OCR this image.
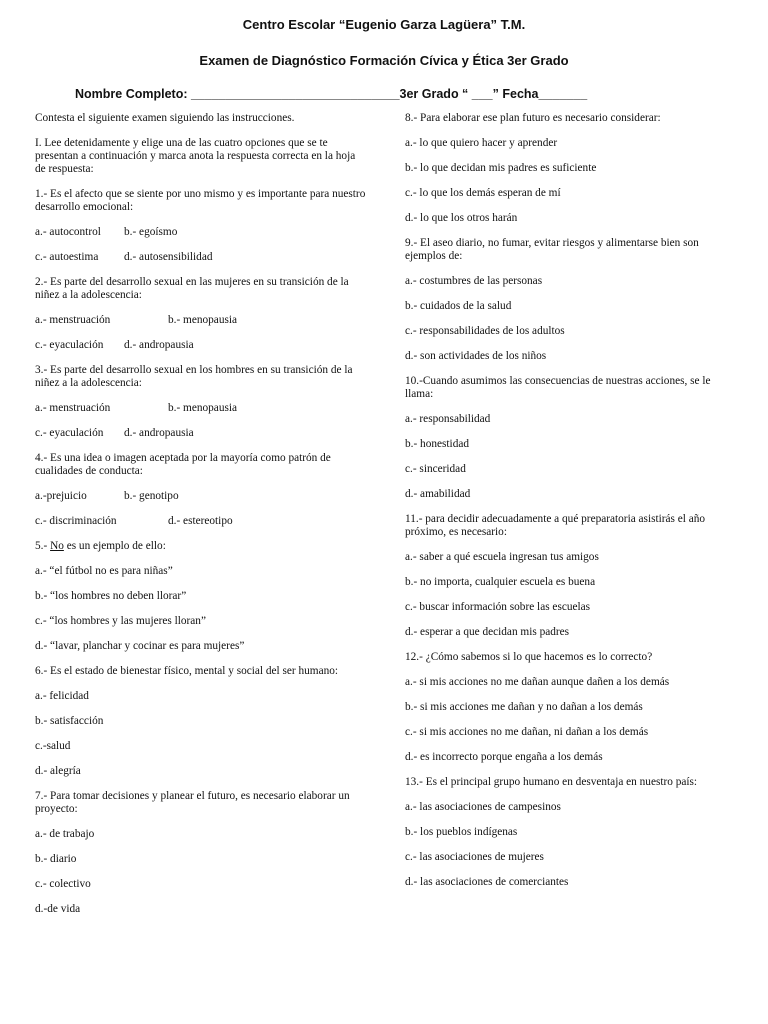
Centro Escolar “Eugenio Garza Lagüera” T.M.

Examen de Diagnóstico Formación Cívica y Ética 3er Grado

Nombre Completo: ______________________________3er Grado “ ___” Fecha_______

Contesta el siguiente examen siguiendo las instrucciones.

I. Lee detenidamente y elige una de las cuatro opciones que se te presentan a continuación y marca anota la respuesta correcta en la hoja de respuesta:

1.- Es el afecto que se siente por uno mismo y es importante para nuestro desarrollo emocional:

a.- autocontrol b.- egoísmo

c.- autoestima d.- autosensibilidad

2.- Es parte del desarrollo sexual en las mujeres en su transición de la niñez a la adolescencia:

a.- menstruación	b.- menopausia

c.- eyaculación d.- andropausia

3.- Es parte del desarrollo sexual en los hombres en su transición de la niñez a la adolescencia:

a.- menstruación	b.- menopausia

c.- eyaculación d.- andropausia

4.- Es una idea o imagen aceptada por la mayoría como patrón de cualidades de conducta:

a.-prejuicio	b.- genotipo

c.- discriminación	d.- estereotipo

5.- No es un ejemplo de ello:

a.- “el fútbol no es para niñas”

b.- “los hombres no deben llorar”

c.- “los hombres y las mujeres lloran”

d.- “lavar, planchar y cocinar es para mujeres”

6.- Es el estado de bienestar físico, mental y social del ser humano:

a.- felicidad

b.- satisfacción

c.-salud

d.- alegría

7.- Para tomar decisiones y planear el futuro, es necesario elaborar un proyecto:

a.- de trabajo

b.- diario

c.- colectivo

d.-de vida

8.- Para elaborar ese plan futuro es necesario considerar:

a.- lo que quiero hacer y aprender

b.- lo que decidan mis padres es suficiente

c.- lo que los demás esperan de mí

d.- lo que los otros harán

9.- El aseo diario, no fumar, evitar riesgos y alimentarse bien son ejemplos de:

a.- costumbres de las personas

b.- cuidados de la salud

c.- responsabilidades de los adultos

d.- son actividades de los niños

10.-Cuando asumimos las consecuencias de nuestras acciones, se le llama:

a.- responsabilidad

b.- honestidad

c.- sinceridad

d.- amabilidad

11.- para decidir adecuadamente a qué preparatoria asistirás el año próximo, es necesario:

a.- saber a qué escuela ingresan tus amigos

b.- no importa, cualquier escuela es buena

c.- buscar información sobre las escuelas

d.- esperar a que decidan mis padres

12.- ¿Cómo sabemos si lo que hacemos es lo correcto?

a.- si mis acciones no me dañan aunque dañen a los demás

b.- si mis acciones me dañan y no dañan a los demás

c.- si mis acciones no me dañan, ni dañan a los demás

d.- es incorrecto porque engaña a los demás

13.- Es el principal grupo humano en desventaja en nuestro país:

a.- las asociaciones de campesinos

b.- los pueblos indígenas

c.- las asociaciones de mujeres

d.- las asociaciones de comerciantes
